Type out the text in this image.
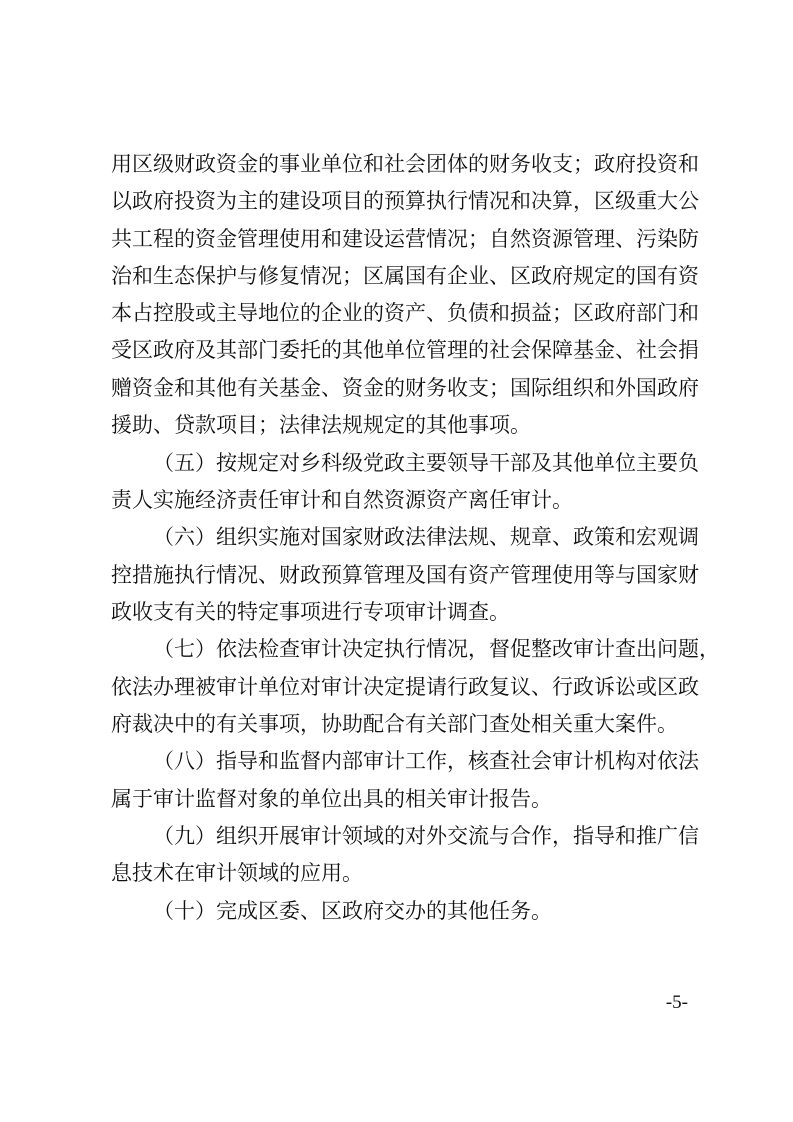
用区级财政资金的事业单位和社会团体的财务收支；政府投资和
以政府投资为主的建设项目的预算执行情况和决算，区级重大公
共工程的资金管理使用和建设运营情况；自然资源管理、污染防
治和生态保护与修复情况；区属国有企业、区政府规定的国有资
本占控股或主导地位的企业的资产、负债和损益；区政府部门和
受区政府及其部门委托的其他单位管理的社会保障基金、社会捐
赠资金和其他有关基金、资金的财务收支；国际组织和外国政府
援助、贷款项目；法律法规规定的其他事项。
（五）按规定对乡科级党政主要领导干部及其他单位主要负
责人实施经济责任审计和自然资源资产离任审计。
（六）组织实施对国家财政法律法规、规章、政策和宏观调
控措施执行情况、财政预算管理及国有资产管理使用等与国家财
政收支有关的特定事项进行专项审计调查。
（七）依法检查审计决定执行情况，督促整改审计查出问题，
依法办理被审计单位对审计决定提请行政复议、行政诉讼或区政
府裁决中的有关事项，协助配合有关部门查处相关重大案件。
（八）指导和监督内部审计工作，核查社会审计机构对依法
属于审计监督对象的单位出具的相关审计报告。
（九）组织开展审计领域的对外交流与合作，指导和推广信
息技术在审计领域的应用。
（十）完成区委、区政府交办的其他任务。
-5-
